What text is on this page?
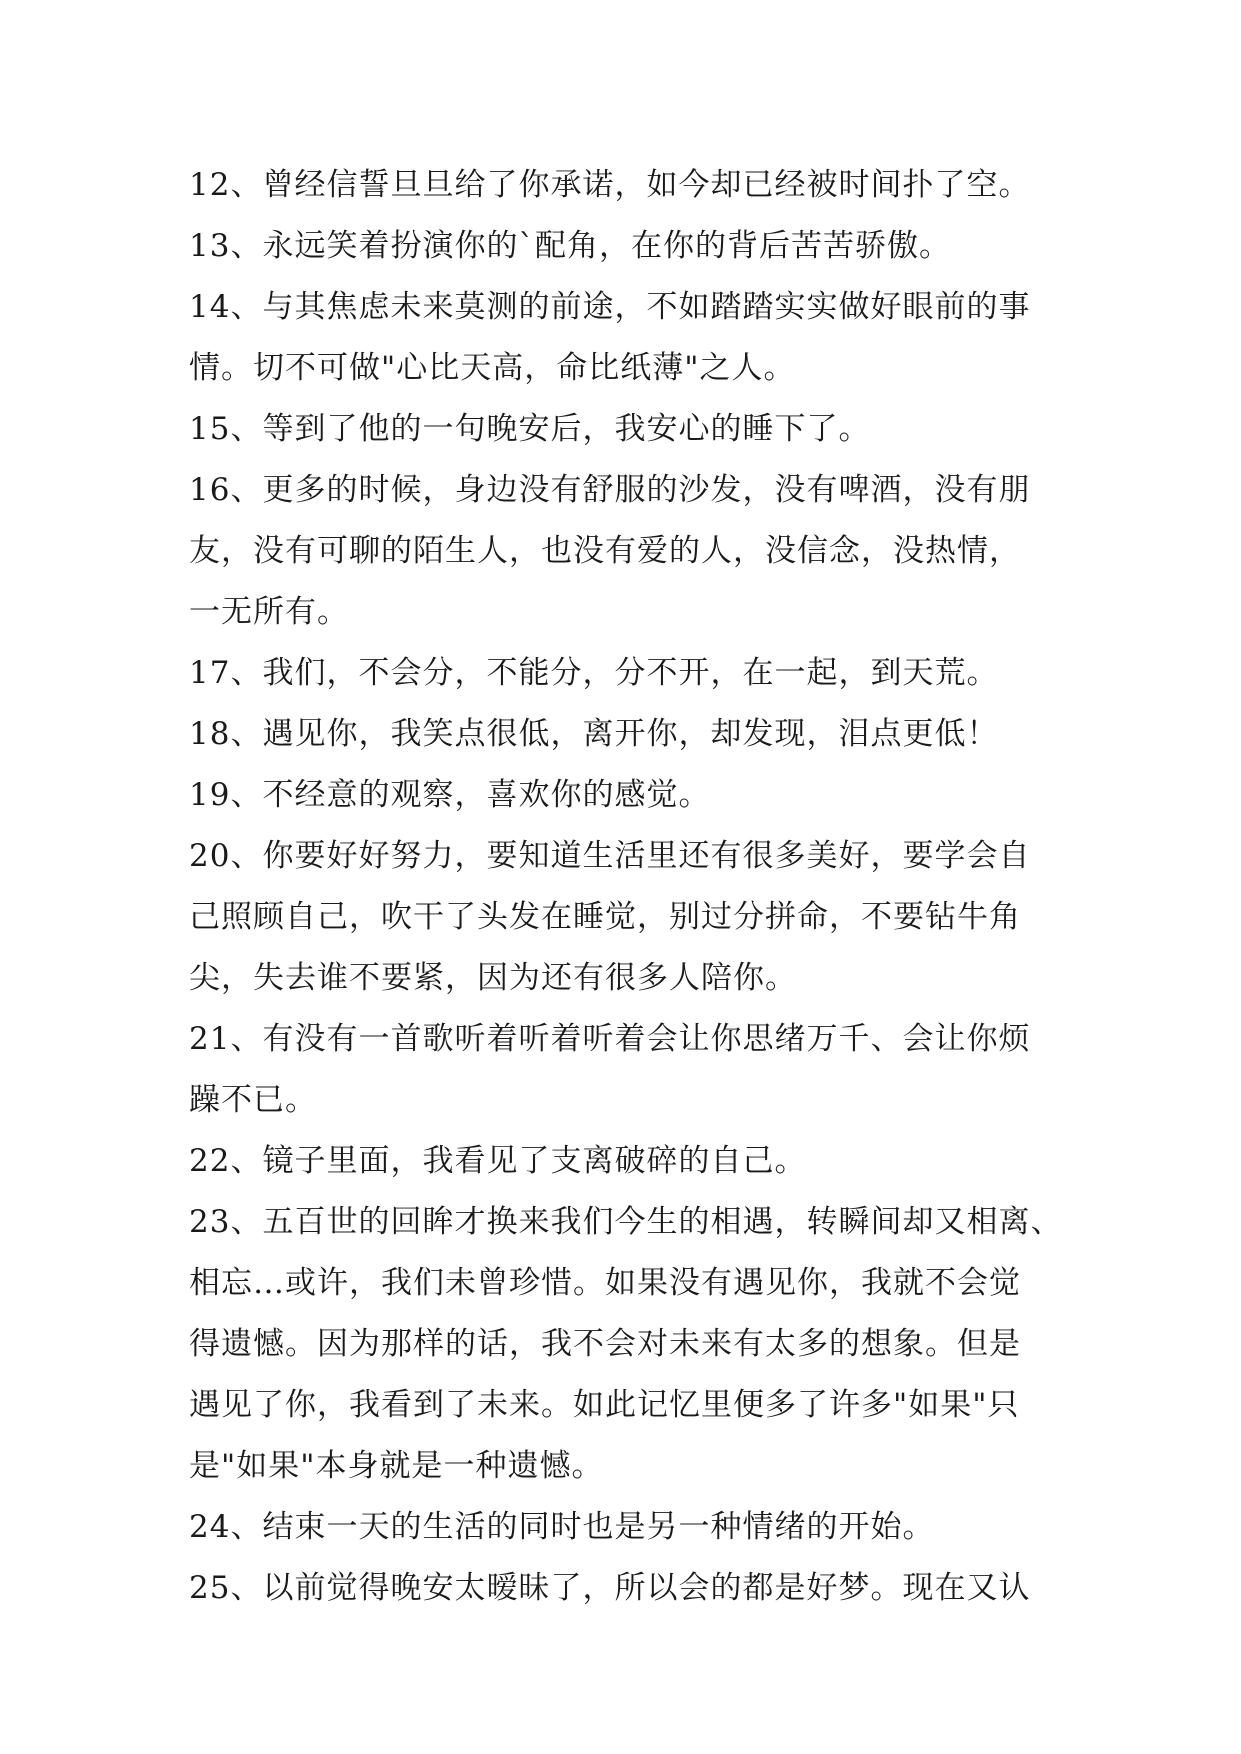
12、曾经信誓旦旦给了你承诺，如今却已经被时间扑了空。
13、永远笑着扮演你的`配角，在你的背后苦苦骄傲。
14、与其焦虑未来莫测的前途，不如踏踏实实做好眼前的事
情。切不可做"心比天高，命比纸薄"之人。
15、等到了他的一句晚安后，我安心的睡下了。
16、更多的时候，身边没有舒服的沙发，没有啤酒，没有朋
友，没有可聊的陌生人，也没有爱的人，没信念，没热情，
一无所有。
17、我们，不会分，不能分，分不开，在一起，到天荒。
18、遇见你，我笑点很低，离开你，却发现，泪点更低！
19、不经意的观察，喜欢你的感觉。
20、你要好好努力，要知道生活里还有很多美好，要学会自
己照顾自己，吹干了头发在睡觉，别过分拼命，不要钻牛角
尖，失去谁不要紧，因为还有很多人陪你。
21、有没有一首歌听着听着听着会让你思绪万千、会让你烦
躁不已。
22、镜子里面，我看见了支离破碎的自己。
23、五百世的回眸才换来我们今生的相遇，转瞬间却又相离、
相忘…或许，我们未曾珍惜。如果没有遇见你，我就不会觉
得遗憾。因为那样的话，我不会对未来有太多的想象。但是
遇见了你，我看到了未来。如此记忆里便多了许多"如果"只
是"如果"本身就是一种遗憾。
24、结束一天的生活的同时也是另一种情绪的开始。
25、以前觉得晚安太暧昧了，所以会的都是好梦。现在又认
